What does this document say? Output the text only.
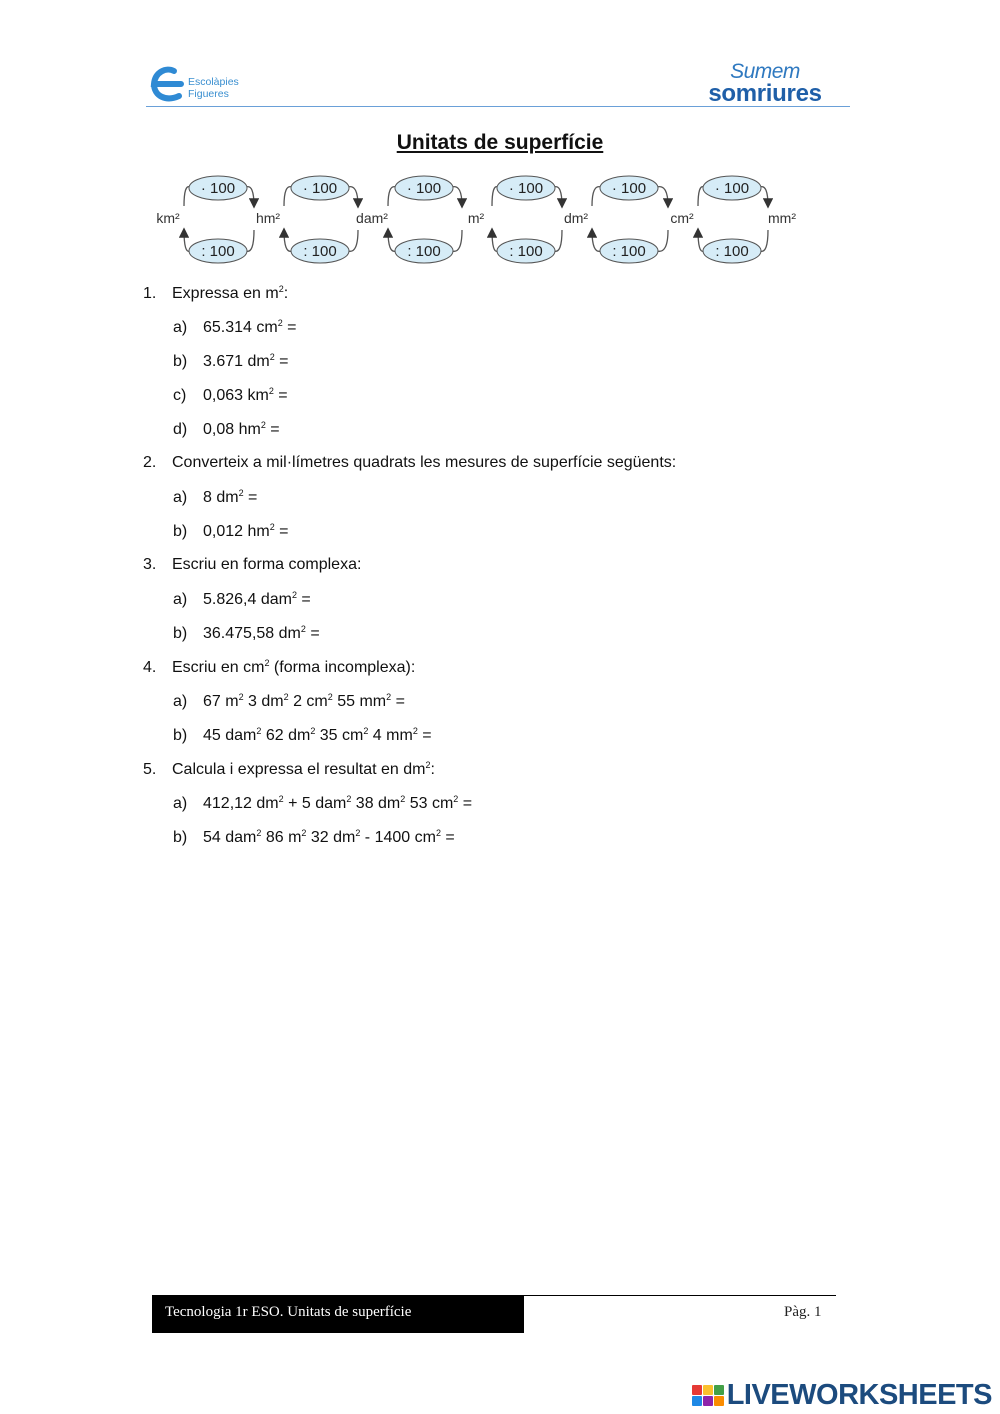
Escolàpies
Figueres
Sumem
somriures
Unitats de superfície
km²	hm²	dam²	m²	dm²	cm²	mm²
· 100
: 100
· 100
: 100
· 100
: 100
· 100
: 100
· 100
: 100
· 100
: 100
1. Expressa en $m^2$:
a) 65.314 $cm^2$ =
b) 3.671 $dm^2$ =
c) 0,063 $km^2$ =
d) 0,08 $hm^2$ =
2. Converteix a mil·límetres quadrats les mesures de superfície següents:
a) 8 $dm^2$ =
b) 0,012 $hm^2$ =
3. Escriu en forma complexa:
a) 5.826,4 dam$^2$ =
b) 36.475,58 $dm^2$ =
4. Escriu en $cm^2$ (forma incomplexa):
a) 67 $m^2$ 3 $dm^2$ 2 $cm^2$ 55 $mm^2$ =
b) 45 dam$^2$ 62 $dm^2$ 35 $cm^2$ 4 $mm^2$ =
5. Calcula i expressa el resultat en $dm^2$:
a) 412,12 $dm^2 + 5$ dam$^2$ 38 $dm^2$ 53 $cm^2$ =
b) 54 dam$^2$ 86 $m^2$ 32 $dm^2 - 1400$ $cm^2$ =
Tecnologia 1r ESO. Unitats de superfície	Pàg. 1
LIVEWORKSHEETS
